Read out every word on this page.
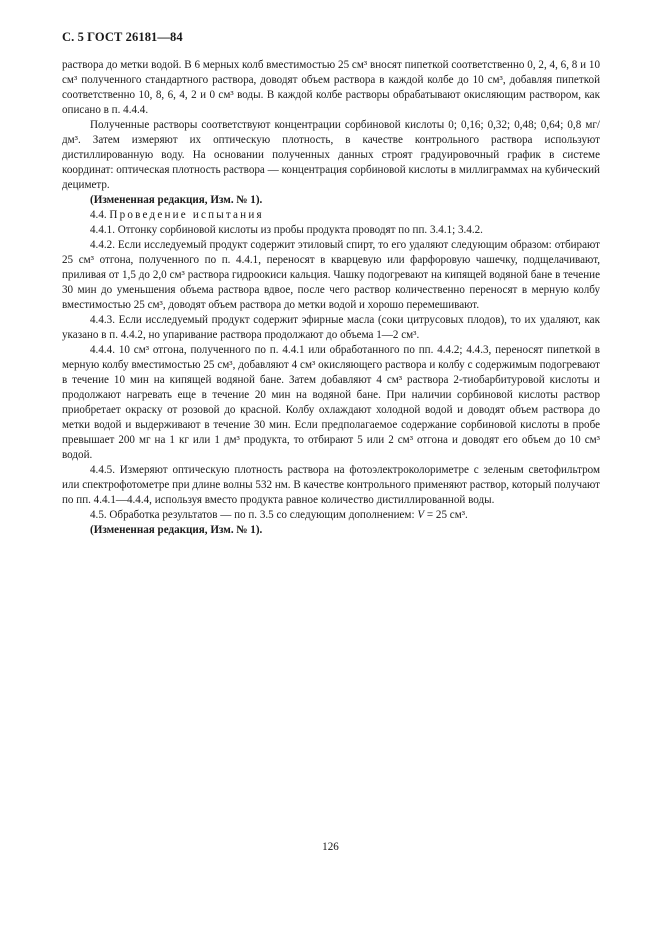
С. 5 ГОСТ 26181—84

раствора до метки водой. В 6 мерных колб вместимостью 25 см³ вносят пипеткой соответственно 0, 2, 4, 6, 8 и 10 см³ полученного стандартного раствора, доводят объем раствора в каждой колбе до 10 см³, добавляя пипеткой соответственно 10, 8, 6, 4, 2 и 0 см³ воды. В каждой колбе растворы обрабатывают окисляющим раствором, как описано в п. 4.4.4.

Полученные растворы соответствуют концентрации сорбиновой кислоты 0; 0,16; 0,32; 0,48; 0,64; 0,8 мг/дм³. Затем измеряют их оптическую плотность, в качестве контрольного раствора используют дистиллированную воду. На основании полученных данных строят градуировочный график в системе координат: оптическая плотность раствора — концентрация сорбиновой кислоты в миллиграммах на кубический дециметр.

(Измененная редакция, Изм. № 1).

4.4. Проведение испытания

4.4.1. Отгонку сорбиновой кислоты из пробы продукта проводят по пп. 3.4.1; 3.4.2.

4.4.2. Если исследуемый продукт содержит этиловый спирт, то его удаляют следующим образом: отбирают 25 см³ отгона, полученного по п. 4.4.1, переносят в кварцевую или фарфоровую чашечку, подщелачивают, приливая от 1,5 до 2,0 см³ раствора гидроокиси кальция. Чашку подогревают на кипящей водяной бане в течение 30 мин до уменьшения объема раствора вдвое, после чего раствор количественно переносят в мерную колбу вместимостью 25 см³, доводят объем раствора до метки водой и хорошо перемешивают.

4.4.3. Если исследуемый продукт содержит эфирные масла (соки цитрусовых плодов), то их удаляют, как указано в п. 4.4.2, но упаривание раствора продолжают до объема 1—2 см³.

4.4.4. 10 см³ отгона, полученного по п. 4.4.1 или обработанного по пп. 4.4.2; 4.4.3, переносят пипеткой в мерную колбу вместимостью 25 см³, добавляют 4 см³ окисляющего раствора и колбу с содержимым подогревают в течение 10 мин на кипящей водяной бане. Затем добавляют 4 см³ раствора 2-тиобарбитуровой кислоты и продолжают нагревать еще в течение 20 мин на водяной бане. При наличии сорбиновой кислоты раствор приобретает окраску от розовой до красной. Колбу охлаждают холодной водой и доводят объем раствора до метки водой и выдерживают в течение 30 мин. Если предполагаемое содержание сорбиновой кислоты в пробе превышает 200 мг на 1 кг или 1 дм³ продукта, то отбирают 5 или 2 см³ отгона и доводят его объем до 10 см³ водой.

4.4.5. Измеряют оптическую плотность раствора на фотоэлектроколориметре с зеленым светофильтром или спектрофотометре при длине волны 532 нм. В качестве контрольного применяют раствор, который получают по пп. 4.4.1—4.4.4, используя вместо продукта равное количество дистиллированной воды.

4.5. Обработка результатов — по п. 3.5 со следующим дополнением: V = 25 см³.

(Измененная редакция, Изм. № 1).

126
